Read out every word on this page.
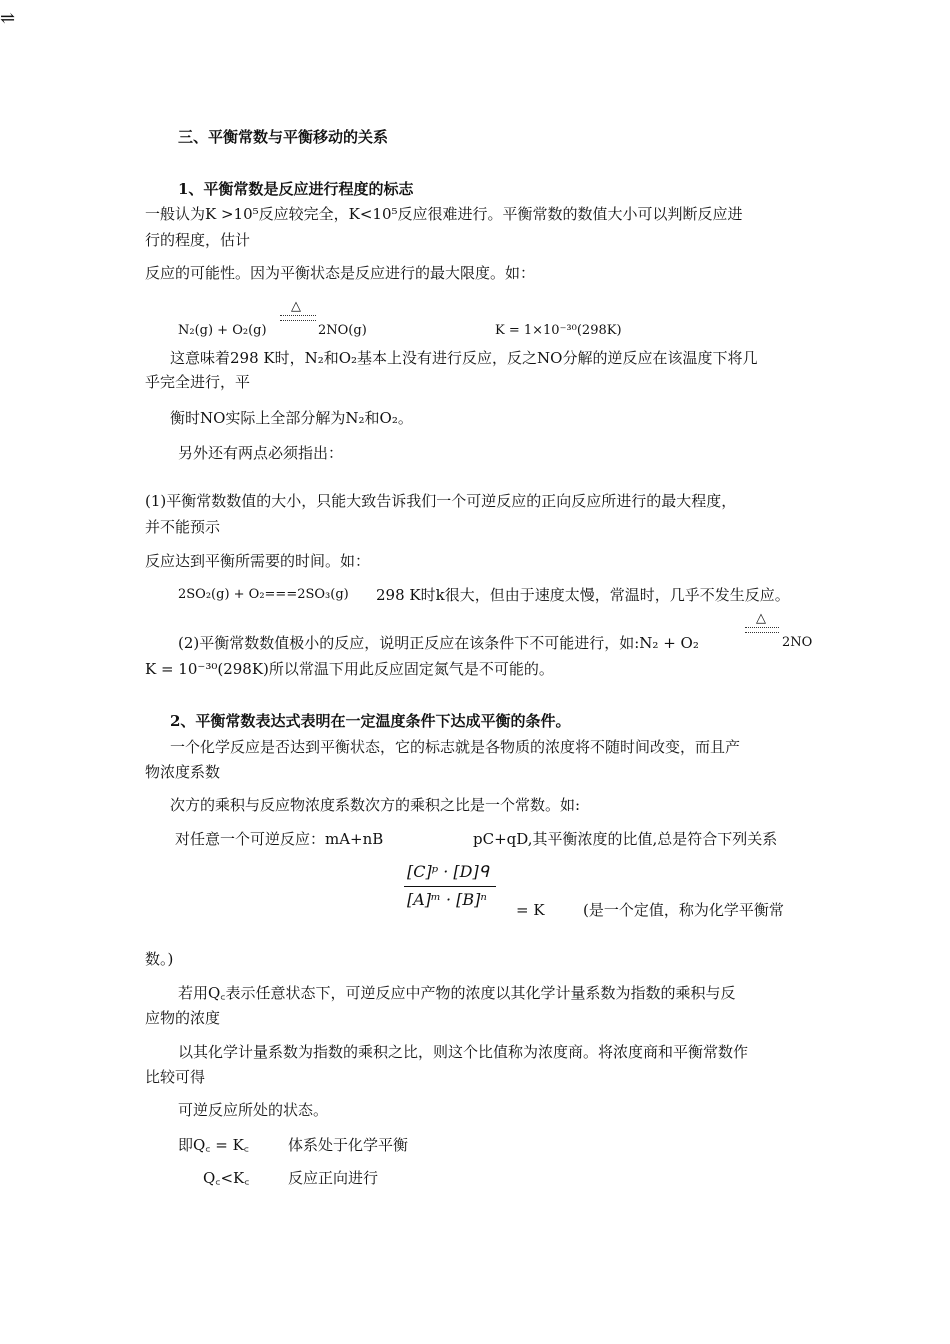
⇌
三、平衡常数与平衡移动的关系
1、平衡常数是反应进行程度的标志
一般认为K >10⁵反应较完全，K<10⁵反应很难进行。平衡常数的数值大小可以判断反应进
行的程度，估计
反应的可能性。因为平衡状态是反应进行的最大限度。如：
N₂(g) + O₂(g)
△
2NO(g)	K = 1×10⁻³⁰(298K)
这意味着298 K时，N₂和O₂基本上没有进行反应，反之NO分解的逆反应在该温度下将几
乎完全进行，平
衡时NO实际上全部分解为N₂和O₂。
另外还有两点必须指出：
(1)平衡常数数值的大小，只能大致告诉我们一个可逆反应的正向反应所进行的最大程度，
并不能预示
反应达到平衡所需要的时间。如：
2SO₂(g) + O₂===2SO₃(g) 298 K时k很大，但由于速度太慢，常温时，几乎不发生反应。
(2)平衡常数数值极小的反应，说明正反应在该条件下不可能进行，如:N₂ + O₂
△
2NO
K = 10⁻³⁰(298K)所以常温下用此反应固定氮气是不可能的。
2、平衡常数表达式表明在一定温度条件下达成平衡的条件。
一个化学反应是否达到平衡状态，它的标志就是各物质的浓度将不随时间改变，而且产
物浓度系数
次方的乘积与反应物浓度系数次方的乘积之比是一个常数。如:
对任意一个可逆反应：mA+nB	pC+qD,其平衡浓度的比值,总是符合下列关系
[C]ᵖ · [D]ᑫ
[A]ᵐ · [B]ⁿ
= K	(是一个定值，称为化学平衡常
数。)
若用Q꜀表示任意状态下，可逆反应中产物的浓度以其化学计量系数为指数的乘积与反
应物的浓度
以其化学计量系数为指数的乘积之比，则这个比值称为浓度商。将浓度商和平衡常数作
比较可得
可逆反应所处的状态。
即Q꜀ = K꜀	体系处于化学平衡
Q꜀<K꜀	反应正向进行
